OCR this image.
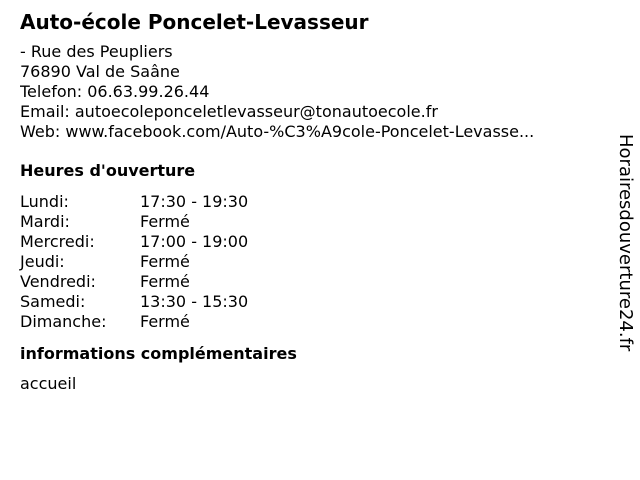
Auto-école Poncelet-Levasseur
- Rue des Peupliers
76890 Val de Saâne
Telefon: 06.63.99.26.44
Email: autoecoleponceletlevasseur@tonautoecole.fr
Web: www.facebook.com/Auto-%C3%A9cole-Poncelet-Levasse...
Heures d'ouverture
Lundi:	17:30 - 19:30
Mardi:	Fermé
Mercredi:	17:00 - 19:00
Jeudi:	Fermé
Vendredi:	Fermé
Samedi:	13:30 - 15:30
Dimanche:	Fermé
informations complémentaires
accueil
Horairesdouverture24.fr
